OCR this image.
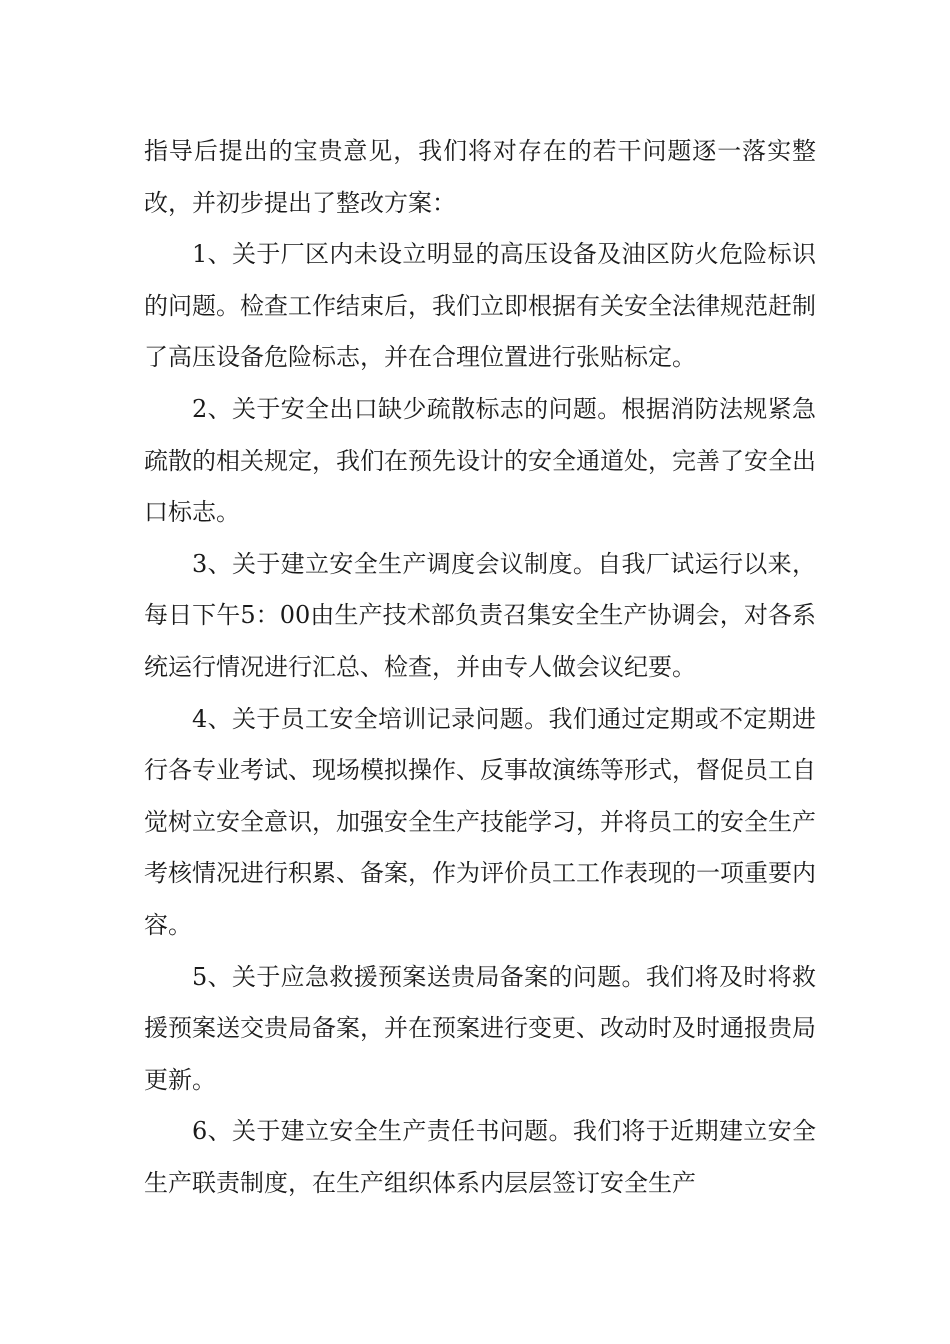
指导后提出的宝贵意见，我们将对存在的若干问题逐一落实整改，并初步提出了整改方案：

1、关于厂区内未设立明显的高压设备及油区防火危险标识的问题。检查工作结束后，我们立即根据有关安全法律规范赶制了高压设备危险标志，并在合理位置进行张贴标定。

2、关于安全出口缺少疏散标志的问题。根据消防法规紧急疏散的相关规定，我们在预先设计的安全通道处，完善了安全出口标志。

3、关于建立安全生产调度会议制度。自我厂试运行以来，每日下午5：00由生产技术部负责召集安全生产协调会，对各系统运行情况进行汇总、检查，并由专人做会议纪要。

4、关于员工安全培训记录问题。我们通过定期或不定期进行各专业考试、现场模拟操作、反事故演练等形式，督促员工自觉树立安全意识，加强安全生产技能学习，并将员工的安全生产考核情况进行积累、备案，作为评价员工工作表现的一项重要内容。

5、关于应急救援预案送贵局备案的问题。我们将及时将救援预案送交贵局备案，并在预案进行变更、改动时及时通报贵局更新。

6、关于建立安全生产责任书问题。我们将于近期建立安全生产联责制度，在生产组织体系内层层签订安全生产
